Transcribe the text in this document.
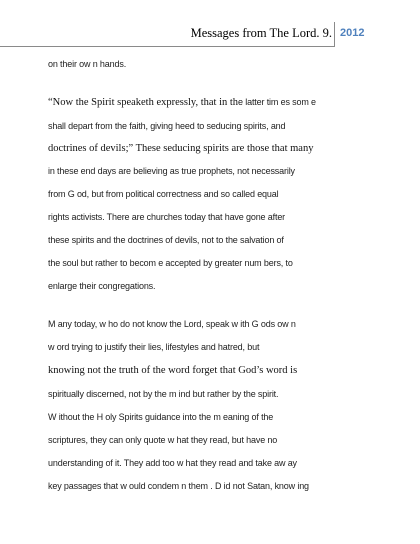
Messages from The Lord. 9. 2012
on their ow n hands.
“Now the Spirit speaketh expressly, that in the latter tim es som e
shall depart from the faith, giving heed to seducing spirits, and
doctrines of devils;” These seducing spirits are those that many
in these end days are believing as true prophets, not necessarily
from G od, but from political correctness and so called equal
rights activists. There are churches today that have gone after
these spirits and the doctrines of devils, not to the salvation of
the soul but rather to becom e accepted by greater num bers, to
enlarge their congregations.
M any today, w ho do not know the Lord, speak w ith G ods ow n
w ord trying to justify their lies, lifestyles and hatred, but
knowing not the truth of the word forget that God’s word is
spiritually discerned, not by the m ind but rather by the spirit.
W ithout the H oly Spirits guidance into the m eaning of the
scriptures, they can only quote w hat they read, but have no
understanding of it. They add too w hat they read and take aw ay
key passages that w ould condem n them . D id not Satan, know ing
